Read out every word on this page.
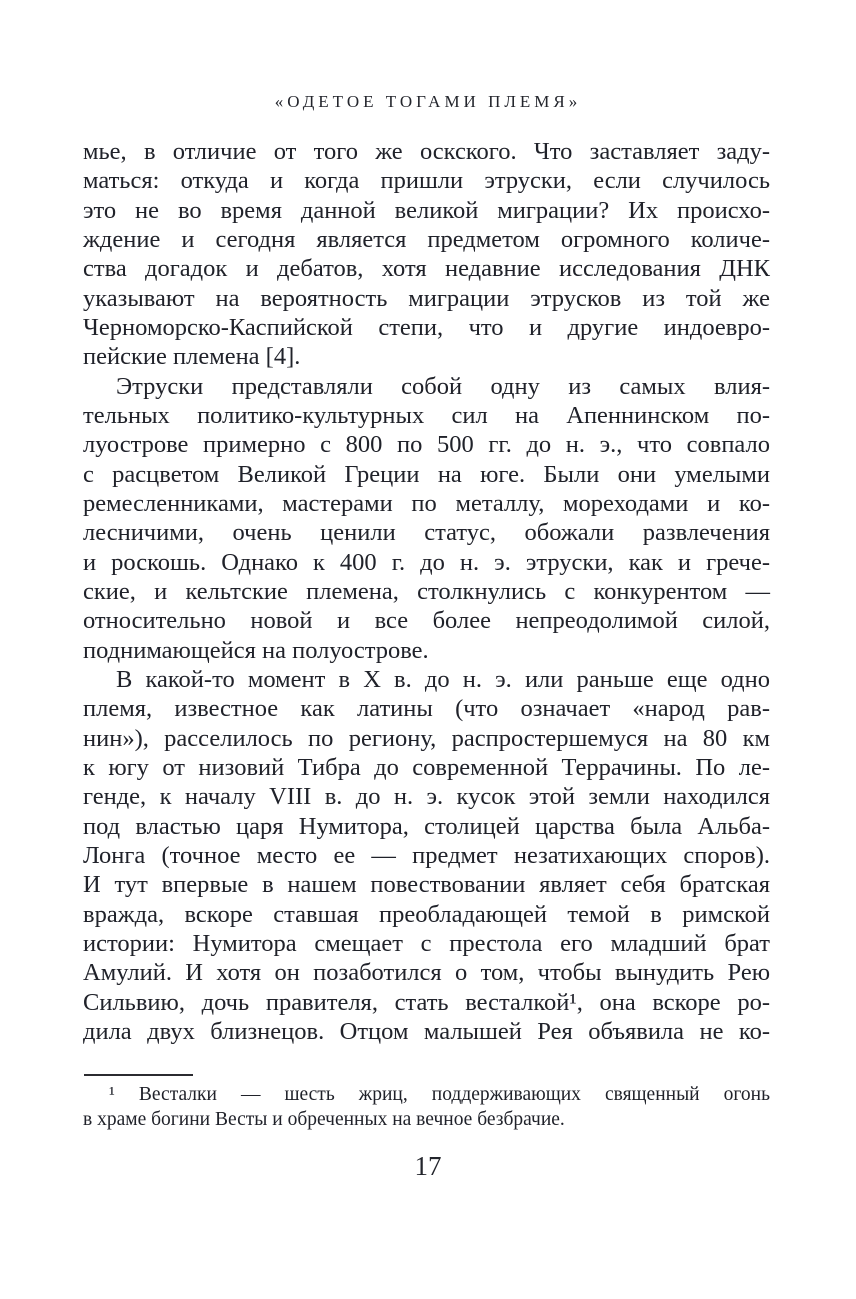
«ОДЕТОЕ ТОГАМИ ПЛЕМЯ»
мье, в отличие от того же оскского. Что заставляет заду-
маться: откуда и когда пришли этруски, если случилось
это не во время данной великой миграции? Их происхо-
ждение и сегодня является предметом огромного количе-
ства догадок и дебатов, хотя недавние исследования ДНК
указывают на вероятность миграции этрусков из той же
Черноморско-Каспийской степи, что и другие индоевро-
пейские племена [4].
Этруски представляли собой одну из самых влия-
тельных политико-культурных сил на Апеннинском по-
луострове примерно с 800 по 500 гг. до н. э., что совпало
с расцветом Великой Греции на юге. Были они умелыми
ремесленниками, мастерами по металлу, мореходами и ко-
лесничими, очень ценили статус, обожали развлечения
и роскошь. Однако к 400 г. до н. э. этруски, как и грече-
ские, и кельтские племена, столкнулись с конкурентом —
относительно новой и все более непреодолимой силой,
поднимающейся на полуострове.
В какой-то момент в X в. до н. э. или раньше еще одно
племя, известное как латины (что означает «народ рав-
нин»), расселилось по региону, распростершемуся на 80 км
к югу от низовий Тибра до современной Террачины. По ле-
генде, к началу VIII в. до н. э. кусок этой земли находился
под властью царя Нумитора, столицей царства была Альба-
Лонга (точное место ее — предмет незатихающих споров).
И тут впервые в нашем повествовании являет себя братская
вражда, вскоре ставшая преобладающей темой в римской
истории: Нумитора смещает с престола его младший брат
Амулий. И хотя он позаботился о том, чтобы вынудить Рею
Сильвию, дочь правителя, стать весталкой¹, она вскоре ро-
дила двух близнецов. Отцом малышей Рея объявила не ко-
¹ Весталки — шесть жриц, поддерживающих священный огонь
в храме богини Весты и обреченных на вечное безбрачие.
17
